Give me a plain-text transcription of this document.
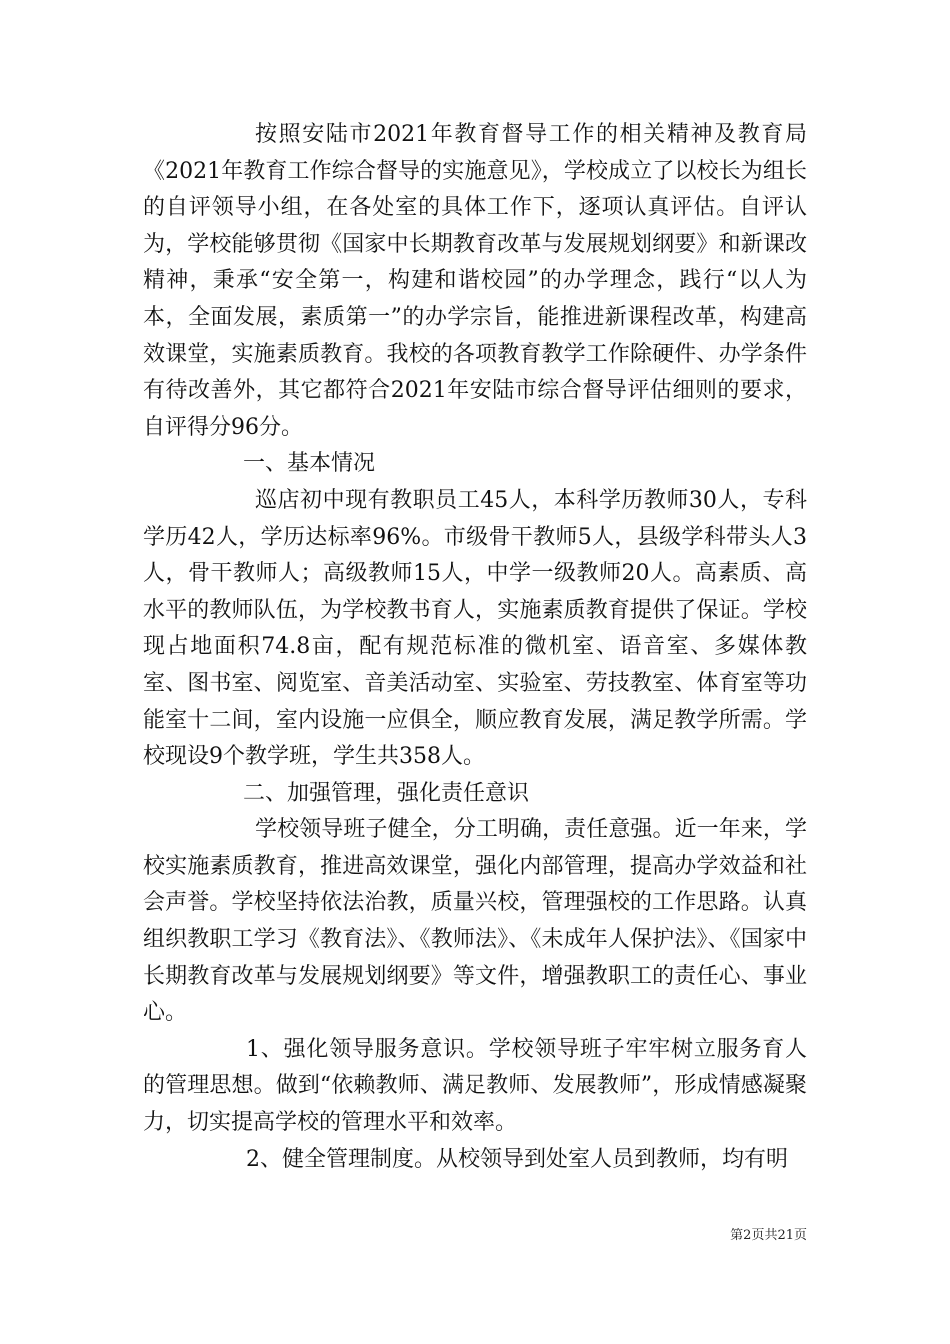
按照安陆市2021年教育督导工作的相关精神及教育局《2021年教育工作综合督导的实施意见》，学校成立了以校长为组长的自评领导小组，在各处室的具体工作下，逐项认真评估。自评认为，学校能够贯彻《国家中长期教育改革与发展规划纲要》和新课改精神，秉承“安全第一，构建和谐校园”的办学理念，践行“以人为本，全面发展，素质第一”的办学宗旨，能推进新课程改革，构建高效课堂，实施素质教育。我校的各项教育教学工作除硬件、办学条件有待改善外，其它都符合2021年安陆市综合督导评估细则的要求，自评得分96分。

一、基本情况

巡店初中现有教职员工45人，本科学历教师30人，专科学历42人，学历达标率96%。市级骨干教师5人，县级学科带头人3人，骨干教师人；高级教师15人，中学一级教师20人。高素质、高水平的教师队伍，为学校教书育人，实施素质教育提供了保证。学校现占地面积74.8亩，配有规范标准的微机室、语音室、多媒体教室、图书室、阅览室、音美活动室、实验室、劳技教室、体育室等功能室十二间，室内设施一应俱全，顺应教育发展，满足教学所需。学校现设9个教学班，学生共358人。

二、加强管理，强化责任意识

学校领导班子健全，分工明确，责任意强。近一年来，学校实施素质教育，推进高效课堂，强化内部管理，提高办学效益和社会声誉。学校坚持依法治教，质量兴校，管理强校的工作思路。认真组织教职工学习《教育法》、《教师法》、《未成年人保护法》、《国家中长期教育改革与发展规划纲要》等文件，增强教职工的责任心、事业心。

1、强化领导服务意识。学校领导班子牢牢树立服务育人的管理思想。做到“依赖教师、满足教师、发展教师”，形成情感凝聚力，切实提高学校的管理水平和效率。

2、健全管理制度。从校领导到处室人员到教师，均有明

第2页共21页
